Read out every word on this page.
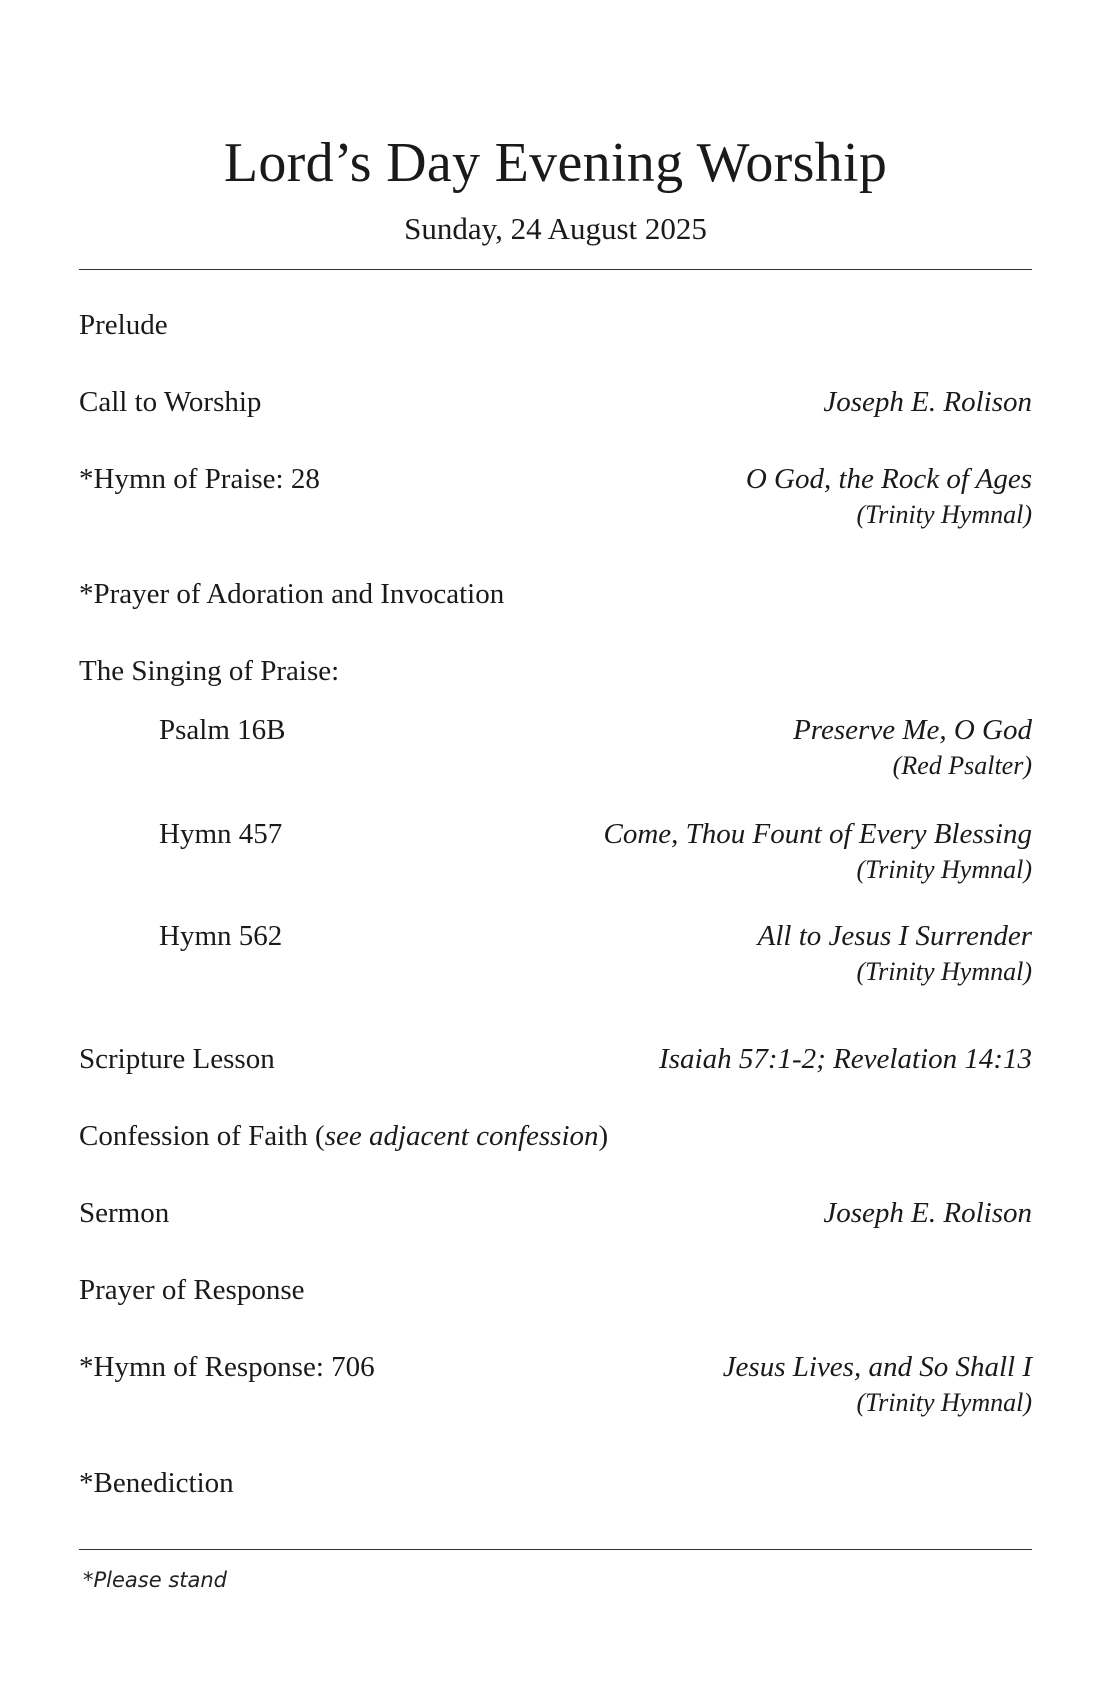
Lord’s Day Evening Worship
Sunday, 24 August 2025
Prelude
Call to Worship	Joseph E. Rolison
*Hymn of Praise: 28	O God, the Rock of Ages
(Trinity Hymnal)
*Prayer of Adoration and Invocation
The Singing of Praise:
Psalm 16B	Preserve Me, O God
(Red Psalter)
Hymn 457	Come, Thou Fount of Every Blessing
(Trinity Hymnal)
Hymn 562	All to Jesus I Surrender
(Trinity Hymnal)
Scripture Lesson	Isaiah 57:1-2; Revelation 14:13
Confession of Faith (see adjacent confession)
Sermon	Joseph E. Rolison
Prayer of Response
*Hymn of Response: 706	Jesus Lives, and So Shall I
(Trinity Hymnal)
*Benediction
*Please stand
